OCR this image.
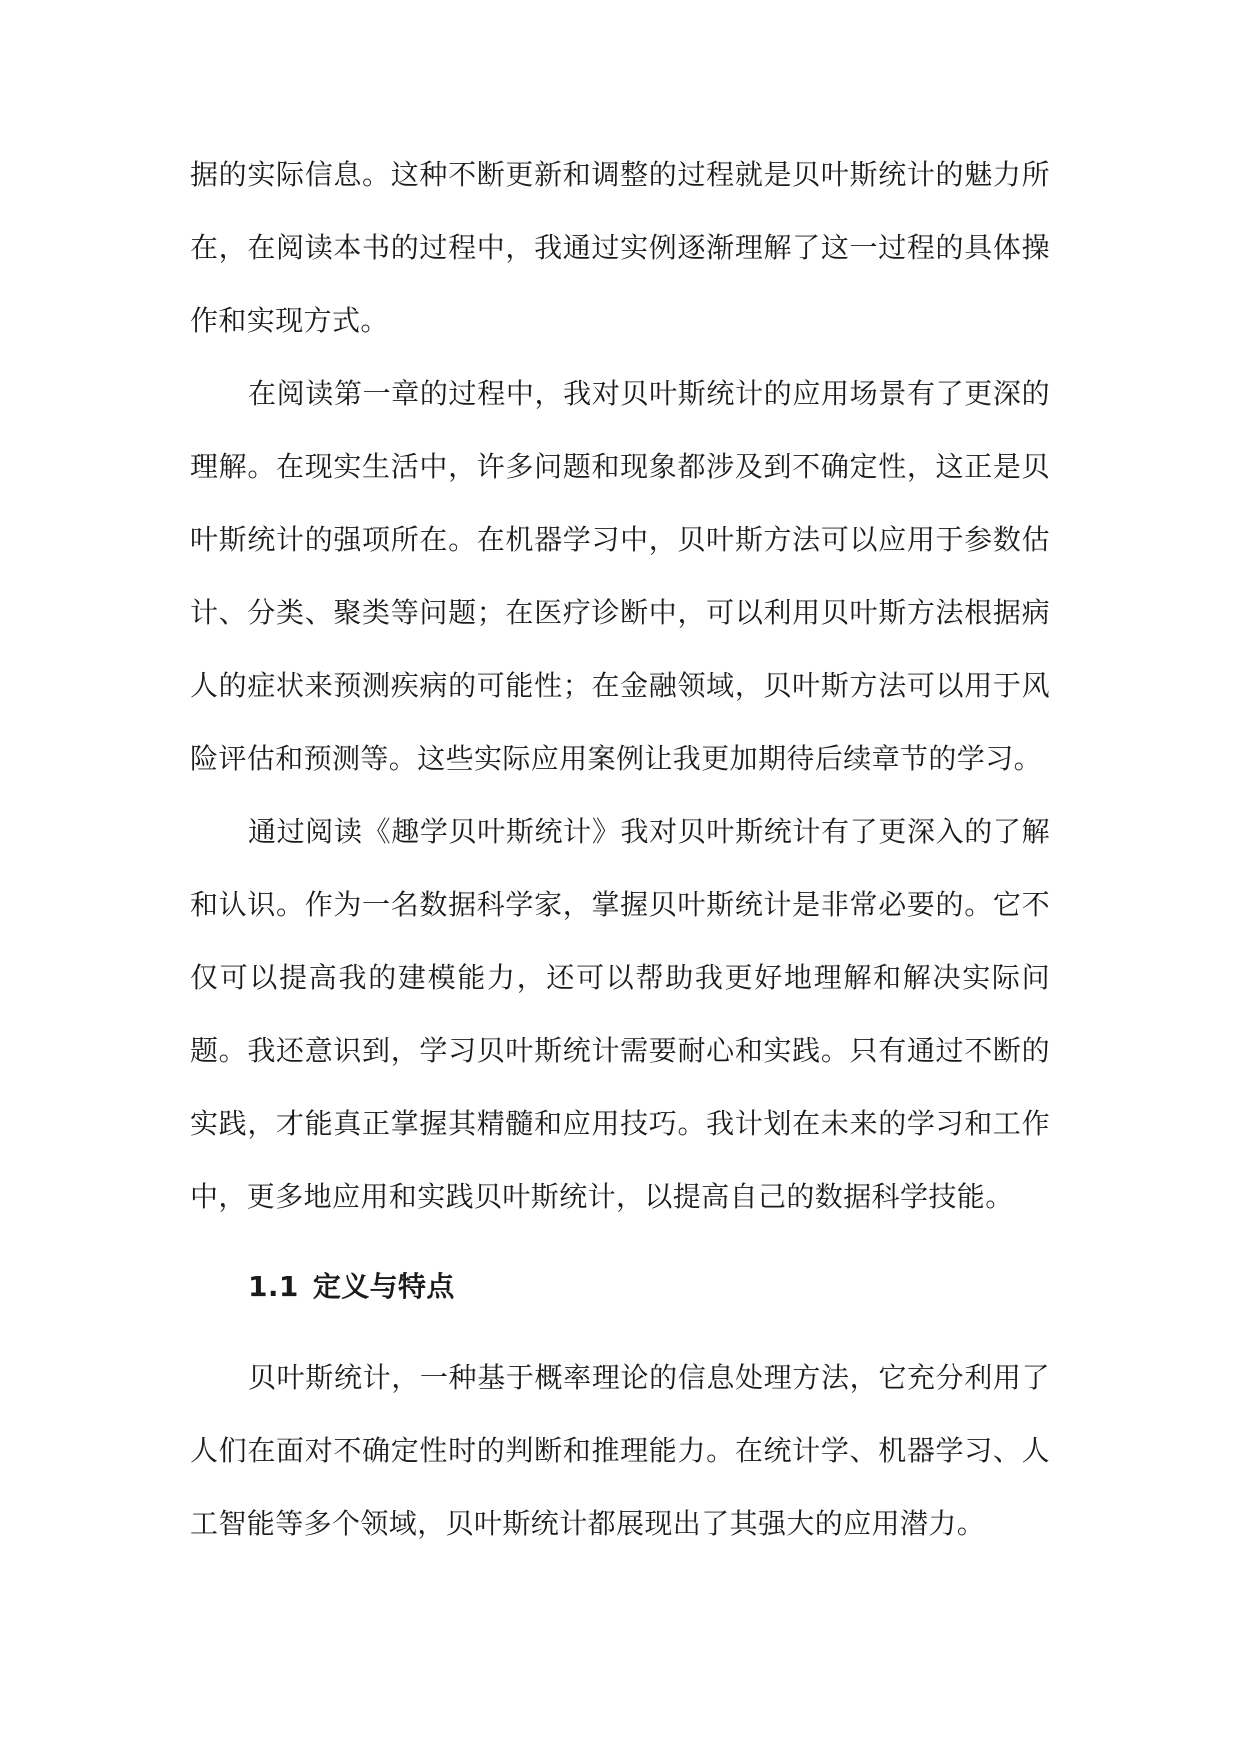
据的实际信息。这种不断更新和调整的过程就是贝叶斯统计的魅力所在，在阅读本书的过程中，我通过实例逐渐理解了这一过程的具体操作和实现方式。

在阅读第一章的过程中，我对贝叶斯统计的应用场景有了更深的理解。在现实生活中，许多问题和现象都涉及到不确定性，这正是贝叶斯统计的强项所在。在机器学习中，贝叶斯方法可以应用于参数估计、分类、聚类等问题；在医疗诊断中，可以利用贝叶斯方法根据病人的症状来预测疾病的可能性；在金融领域，贝叶斯方法可以用于风险评估和预测等。这些实际应用案例让我更加期待后续章节的学习。

通过阅读《趣学贝叶斯统计》我对贝叶斯统计有了更深入的了解和认识。作为一名数据科学家，掌握贝叶斯统计是非常必要的。它不仅可以提高我的建模能力，还可以帮助我更好地理解和解决实际问题。我还意识到，学习贝叶斯统计需要耐心和实践。只有通过不断的实践，才能真正掌握其精髓和应用技巧。我计划在未来的学习和工作中，更多地应用和实践贝叶斯统计，以提高自己的数据科学技能。

1.1 定义与特点

贝叶斯统计，一种基于概率理论的信息处理方法，它充分利用了人们在面对不确定性时的判断和推理能力。在统计学、机器学习、人工智能等多个领域，贝叶斯统计都展现出了其强大的应用潜力。
